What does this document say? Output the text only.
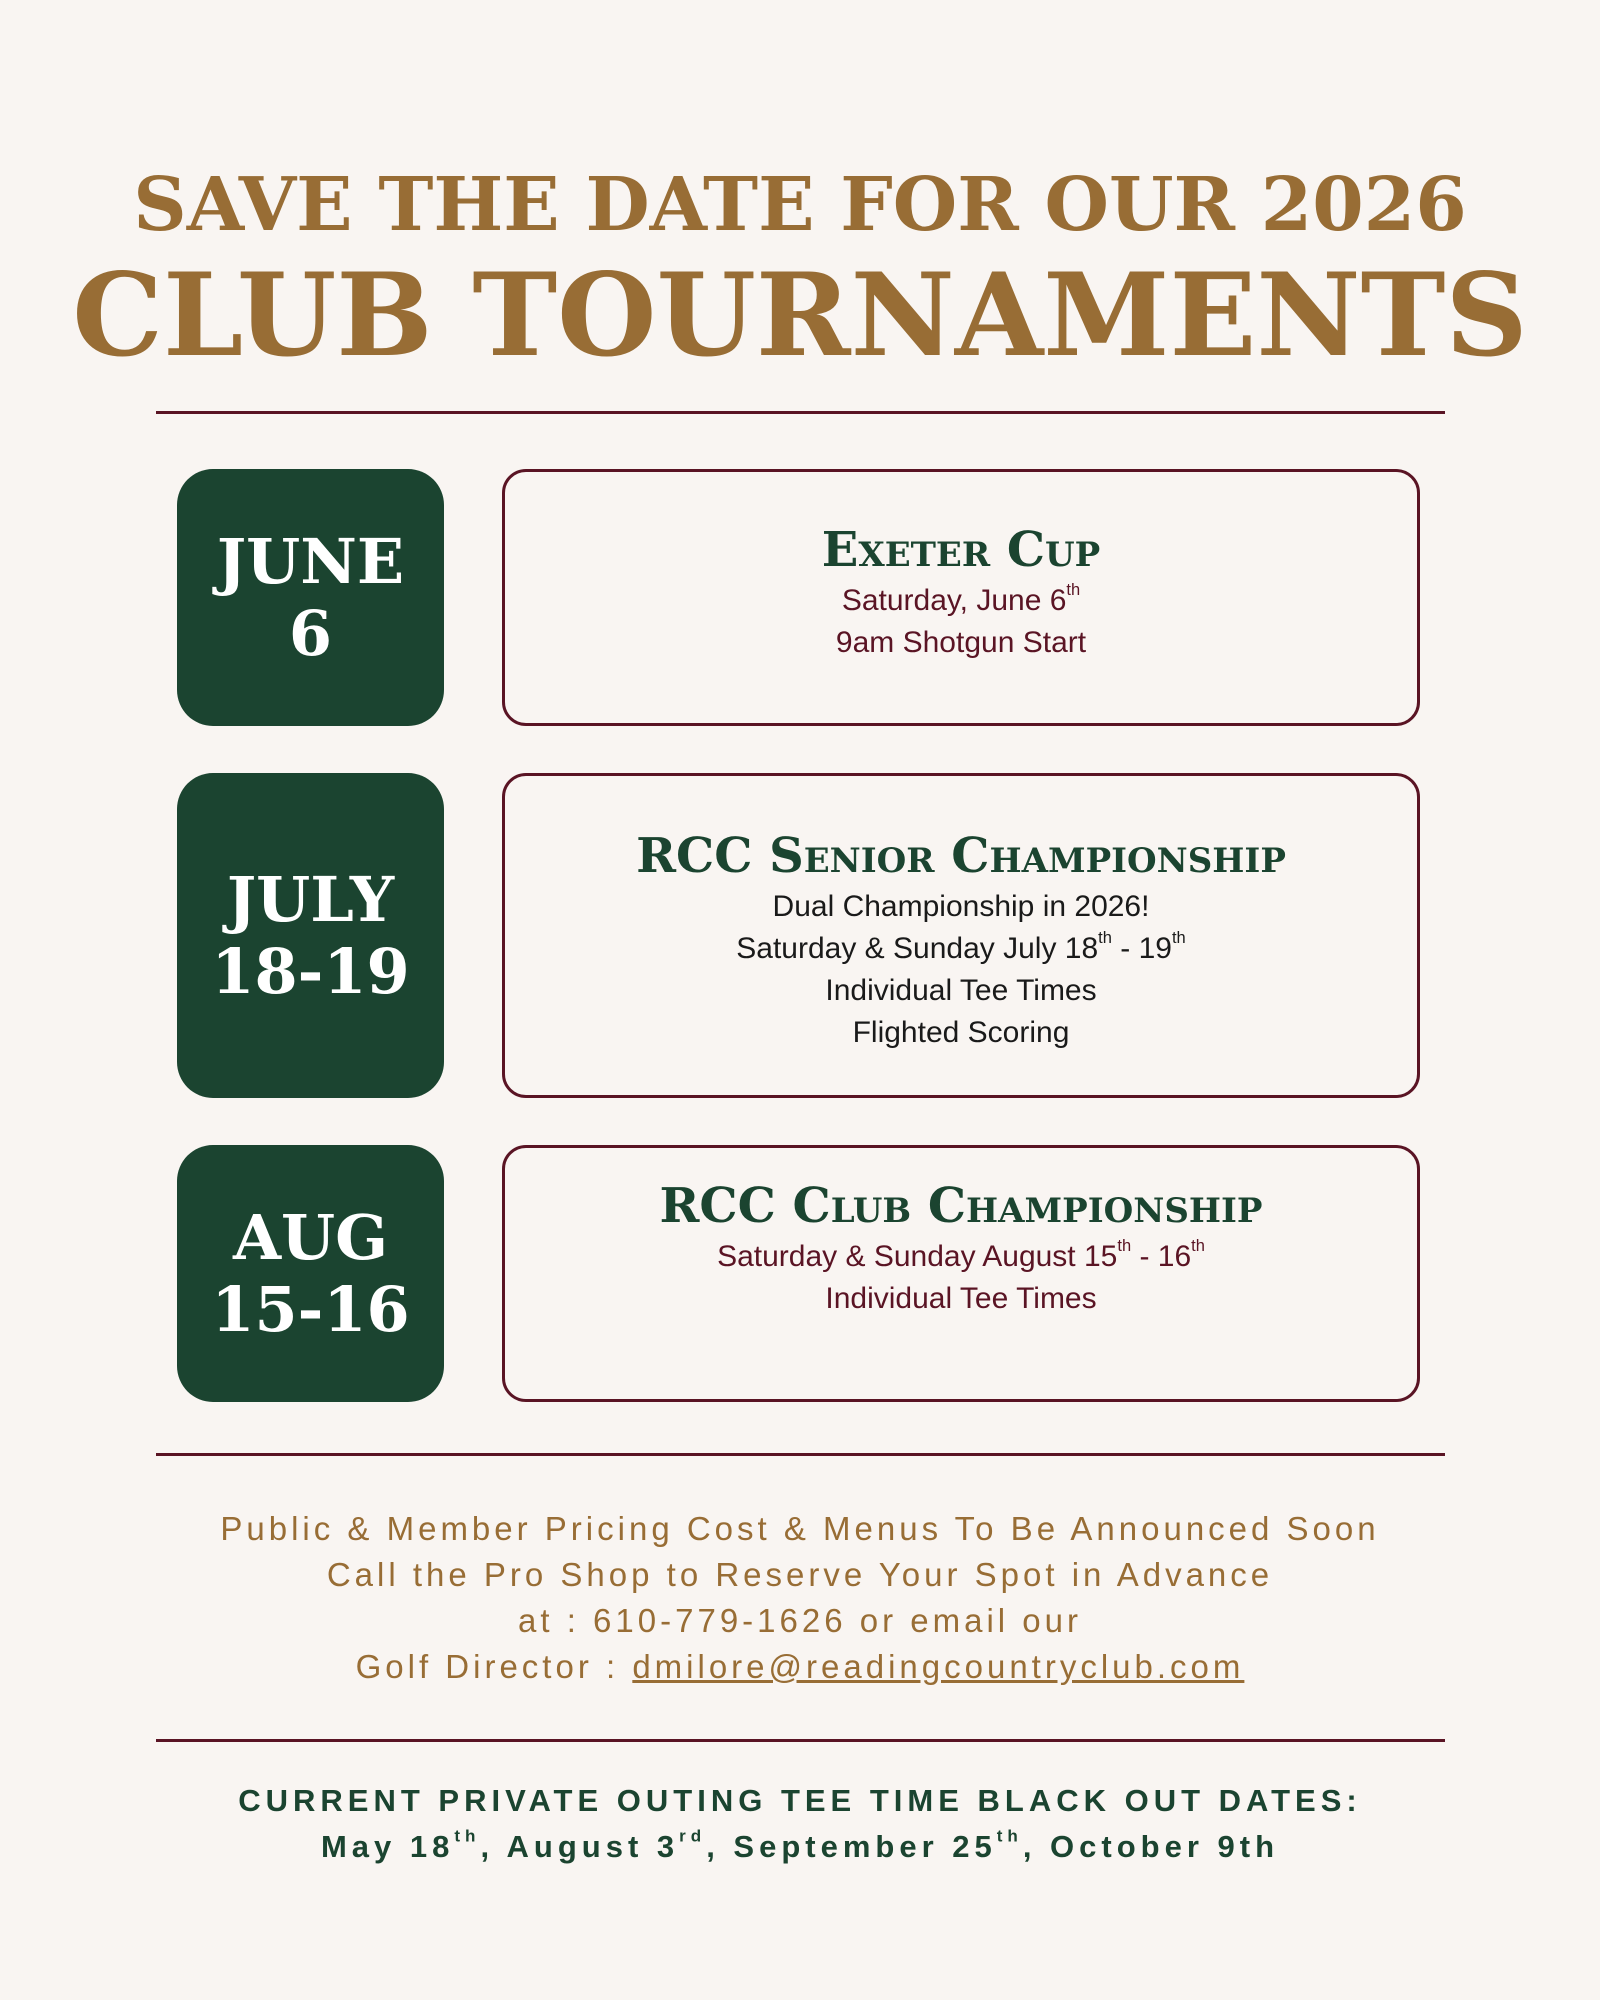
SAVE THE DATE FOR OUR 2026
CLUB TOURNAMENTS
JUNE
6
Exeter Cup
Saturday, June 6th
9am Shotgun Start
JULY
18-19
RCC Senior Championship
Dual Championship in 2026!
Saturday & Sunday July 18th - 19th
Individual Tee Times
Flighted Scoring
AUG
15-16
RCC Club Championship
Saturday & Sunday August 15th - 16th
Individual Tee Times
Public & Member Pricing Cost & Menus To Be Announced Soon
Call the Pro Shop to Reserve Your Spot in Advance
at : 610-779-1626 or email our
Golf Director : dmilore@readingcountryclub.com
CURRENT PRIVATE OUTING TEE TIME BLACK OUT DATES:
May 18th, August 3rd, September 25th, October 9th
